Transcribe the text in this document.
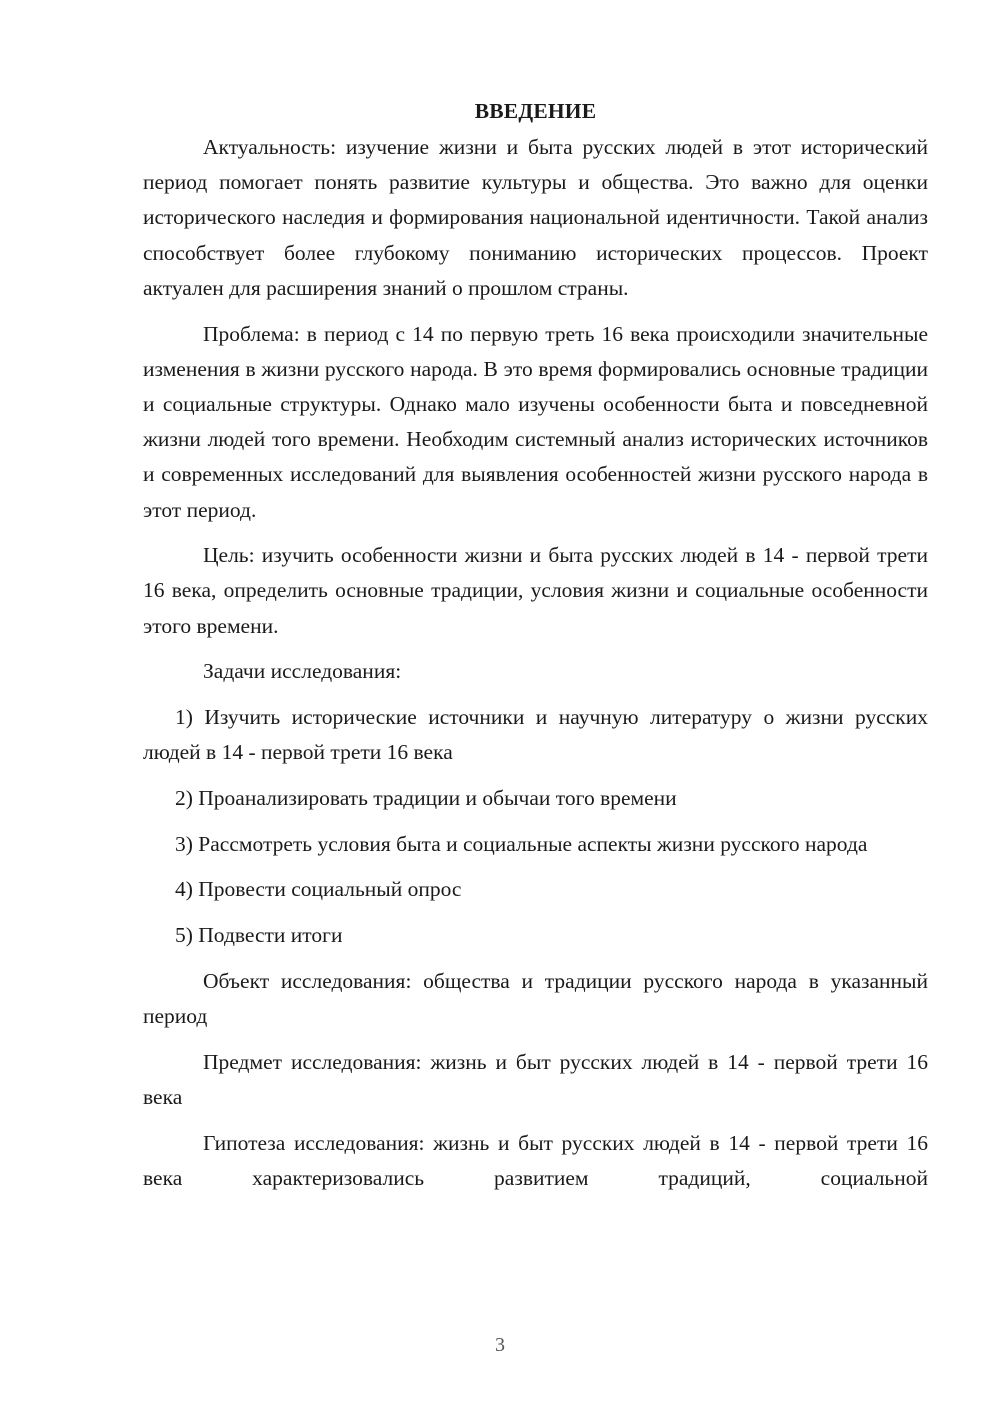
ВВЕДЕНИЕ

Актуальность: изучение жизни и быта русских людей в этот исторический период помогает понять развитие культуры и общества. Это важно для оценки исторического наследия и формирования национальной идентичности. Такой анализ способствует более глубокому пониманию исторических процессов. Проект актуален для расширения знаний о прошлом страны.

Проблема: в период с 14 по первую треть 16 века происходили значительные изменения в жизни русского народа. В это время формировались основные традиции и социальные структуры. Однако мало изучены особенности быта и повседневной жизни людей того времени. Необходим системный анализ исторических источников и современных исследований для выявления особенностей жизни русского народа в этот период.

Цель: изучить особенности жизни и быта русских людей в 14 - первой трети 16 века, определить основные традиции, условия жизни и социальные особенности этого времени.

Задачи исследования:

1) Изучить исторические источники и научную литературу о жизни русских людей в 14 - первой трети 16 века

2) Проанализировать традиции и обычаи того времени

3) Рассмотреть условия быта и социальные аспекты жизни русского народа

4) Провести социальный опрос

5) Подвести итоги

Объект исследования: общества и традиции русского народа в указанный период

Предмет исследования: жизнь и быт русских людей в 14 - первой трети 16 века

Гипотеза исследования: жизнь и быт русских людей в 14 - первой трети 16 века характеризовались развитием традиций, социальной

3
